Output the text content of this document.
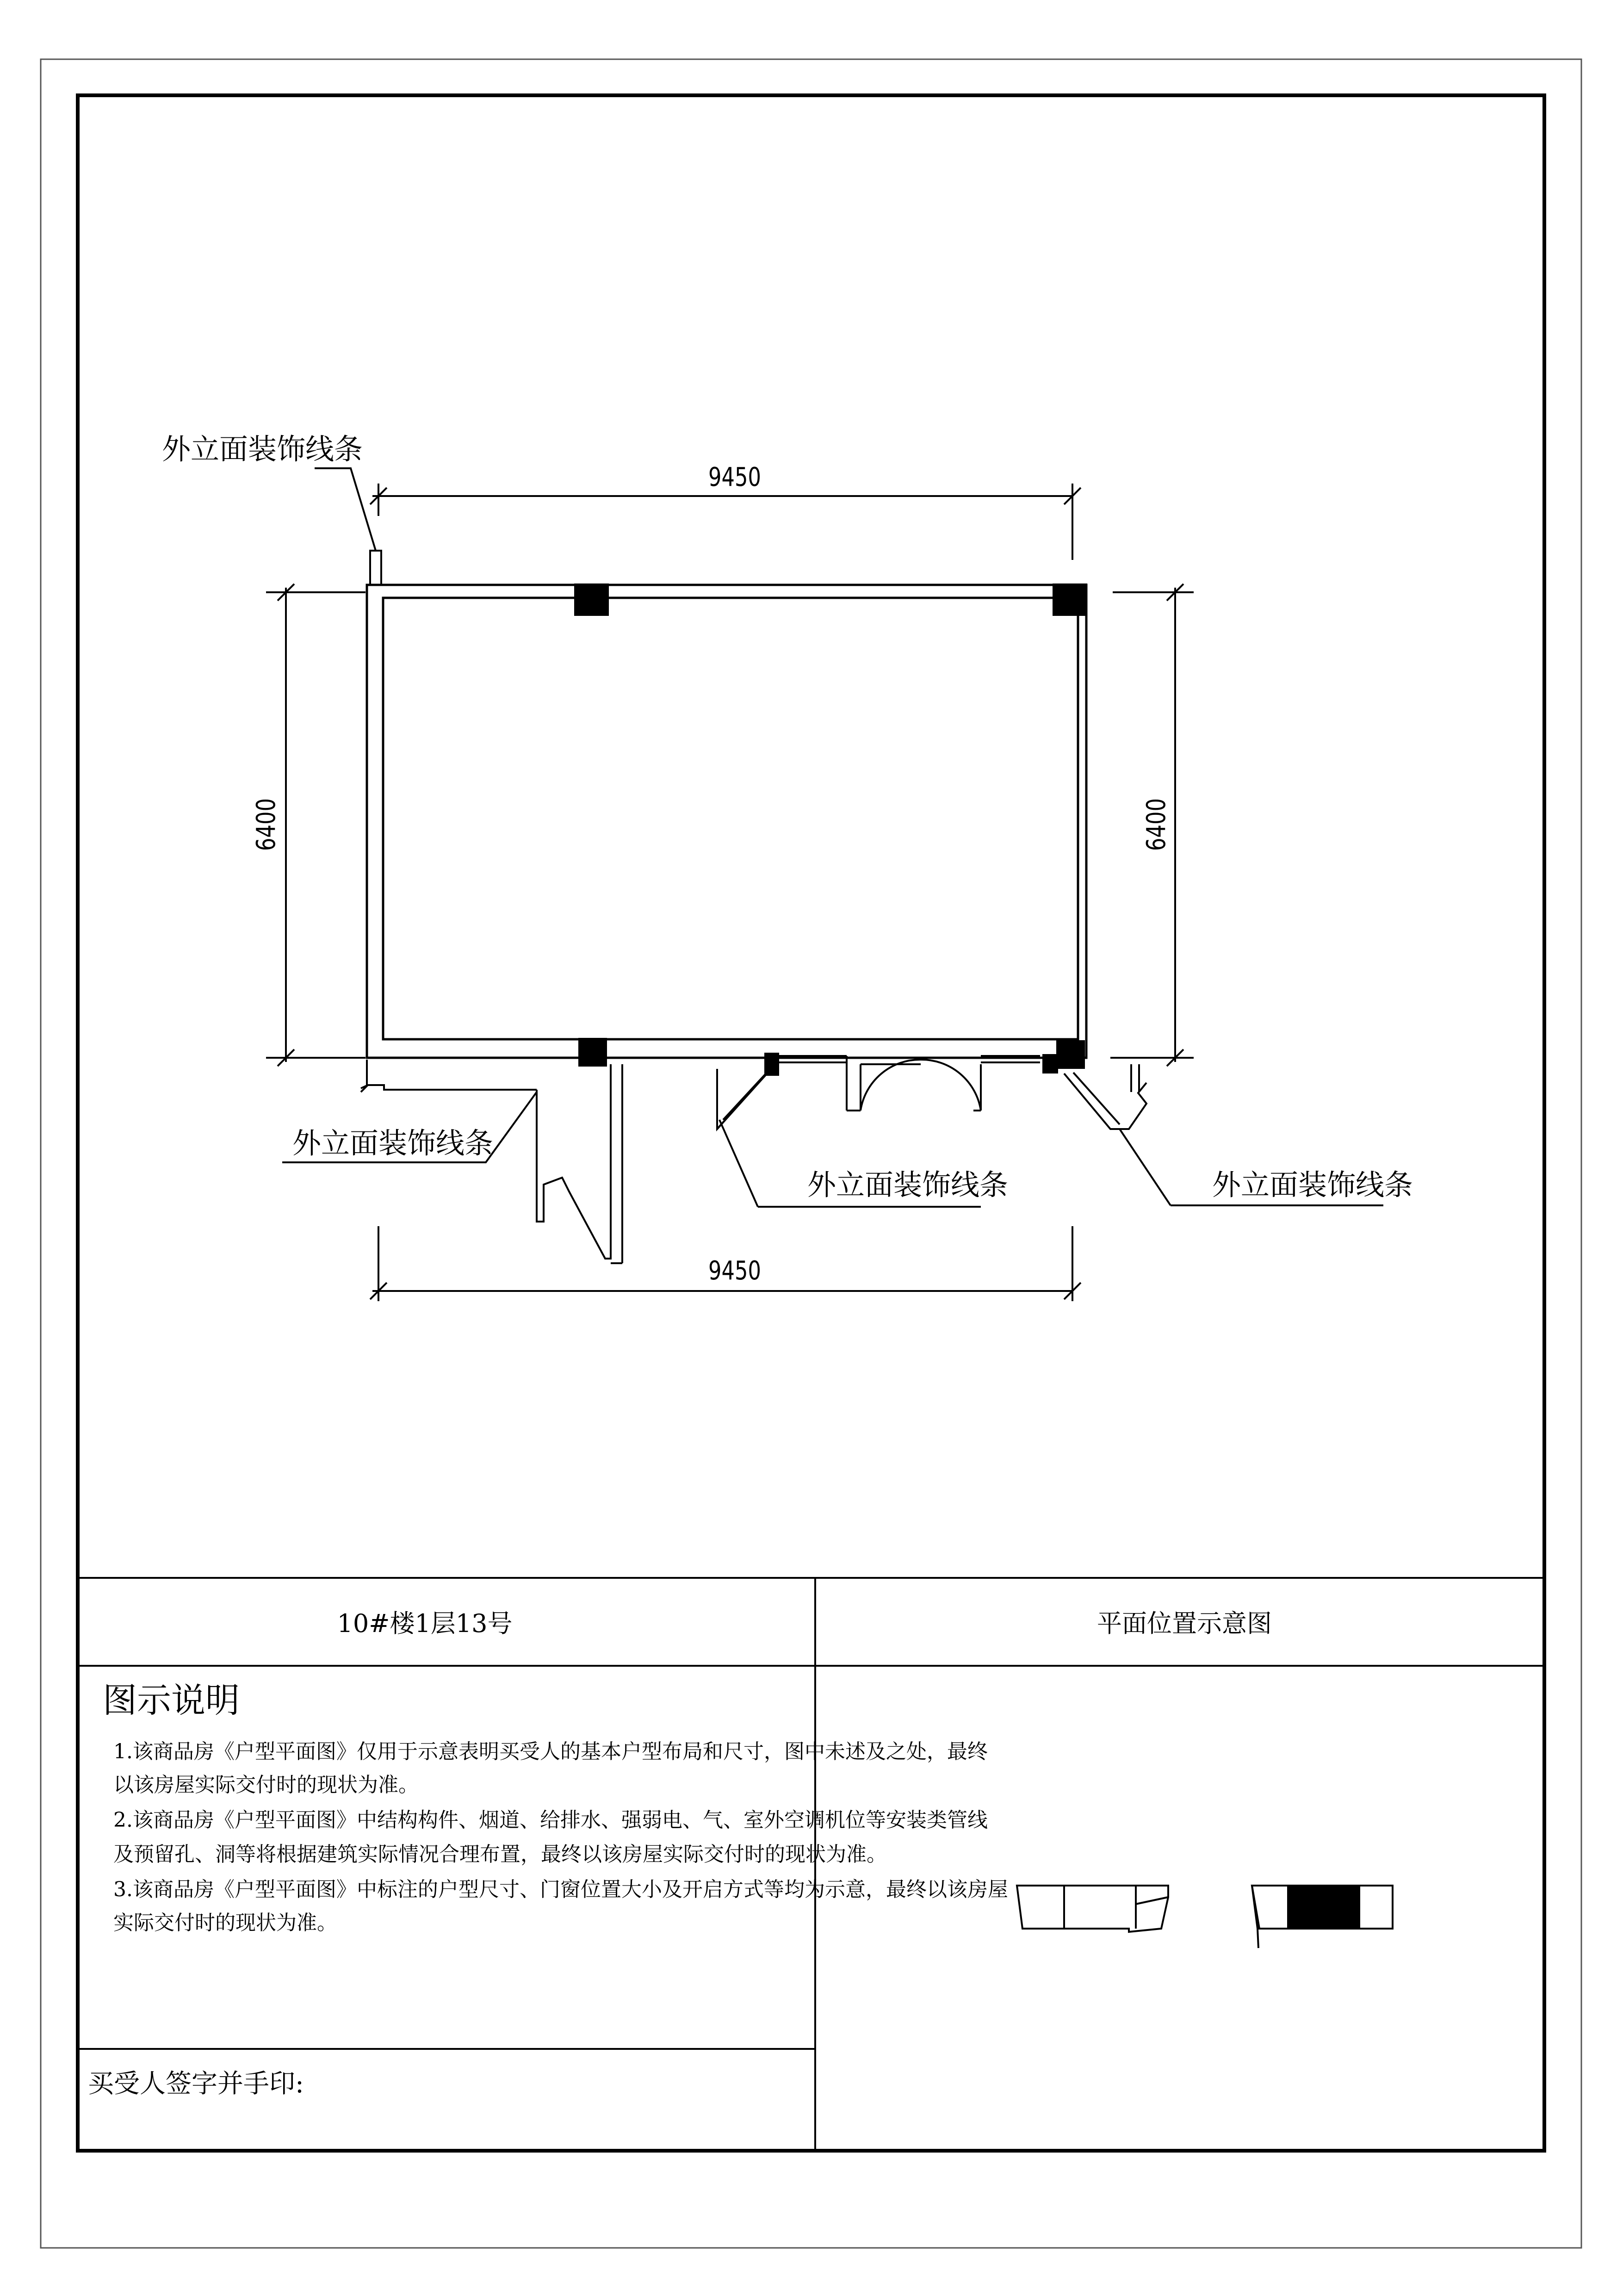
9450
9450
6400	6400
外立面装饰线条
外立面装饰线条
外立面装饰线条	外立面装饰线条
10#楼1层13号	平面位置示意图
图示说明
1.该商品房《户型平面图》仅用于示意表明买受人的基本户型布局和尺寸，图中未述及之处，最终
以该房屋实际交付时的现状为准。
2.该商品房《户型平面图》中结构构件、烟道、给排水、强弱电、气、室外空调机位等安装类管线
及预留孔、洞等将根据建筑实际情况合理布置，最终以该房屋实际交付时的现状为准。
3.该商品房《户型平面图》中标注的户型尺寸、门窗位置大小及开启方式等均为示意，最终以该房屋
实际交付时的现状为准。
买受人签字并手印:
